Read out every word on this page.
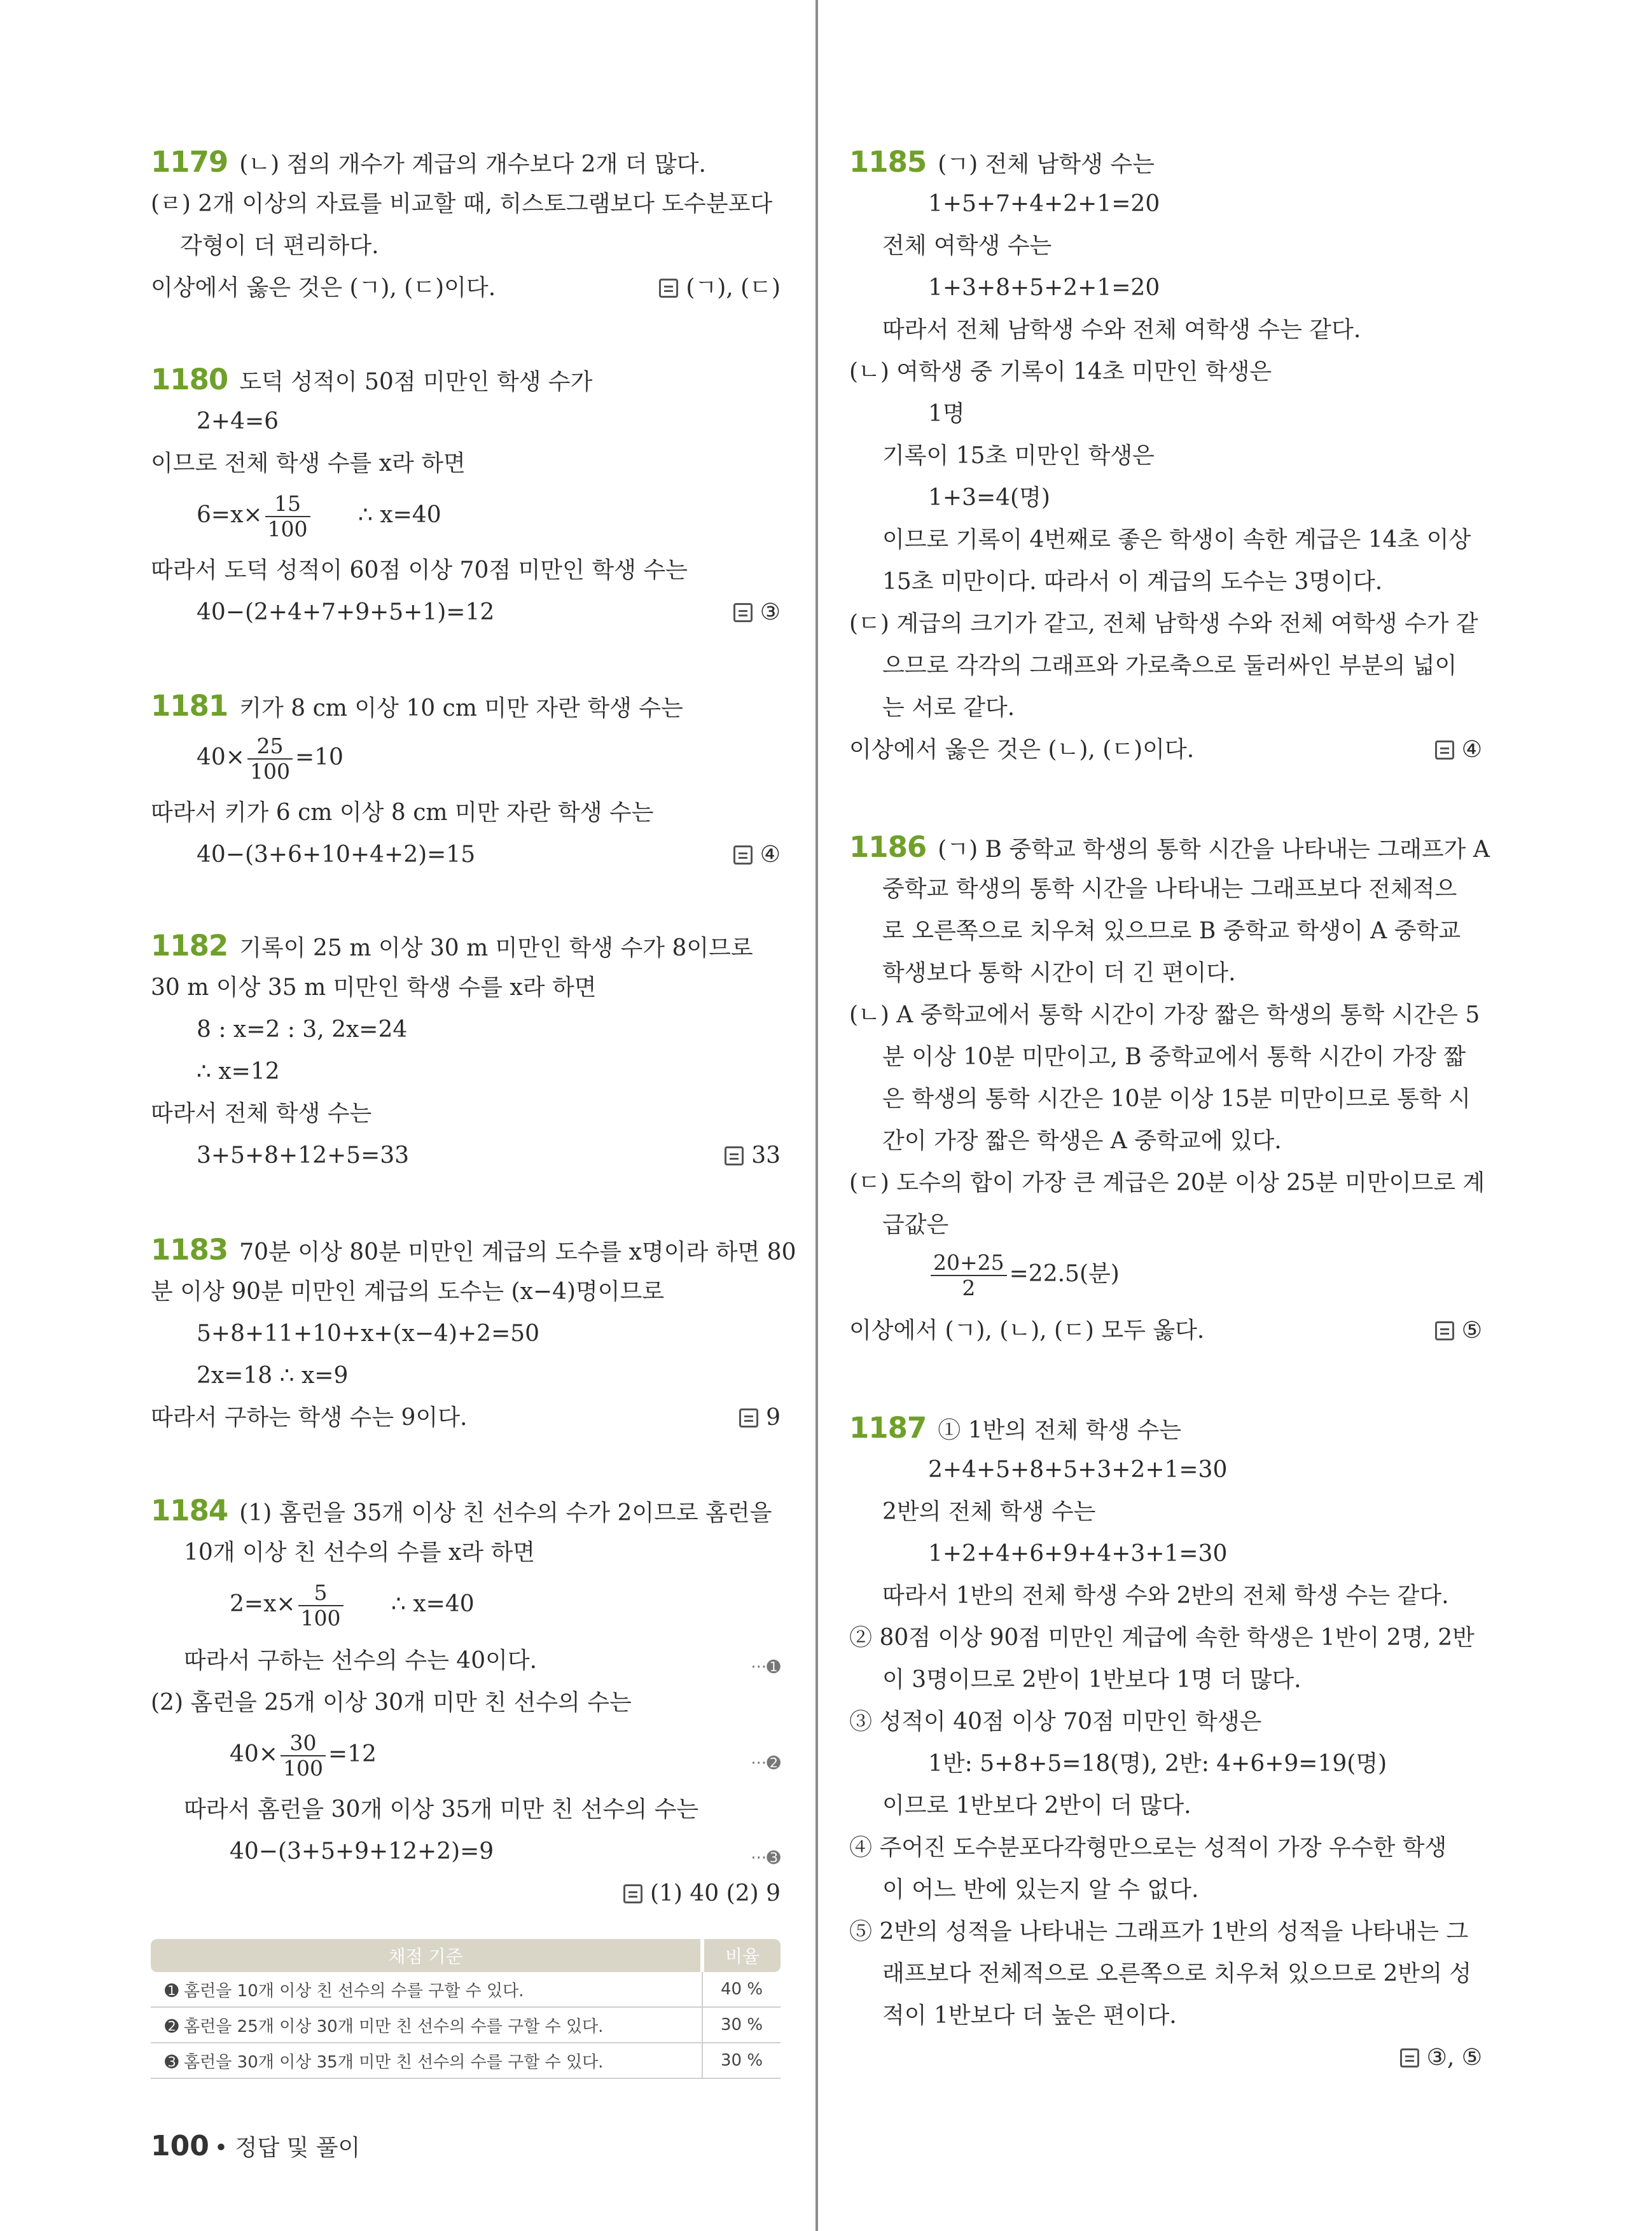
1179 (ㄴ) 점의 개수가 계급의 개수보다 2개 더 많다.
(ㄹ) 2개 이상의 자료를 비교할 때, 히스토그램보다 도수분포다
각형이 더 편리하다.
이상에서 옳은 것은 (ㄱ), (ㄷ)이다.	(ㄱ), (ㄷ)
1180 도덕 성적이 50점 미만인 학생 수가
2+4=6
이므로 전체 학생 수를 x라 하면
$6=x\times \frac{15}{100}$ ∴ x=40
따라서 도덕 성적이 60점 이상 70점 미만인 학생 수는
40−(2+4+7+9+5+1)=12	③
1181 키가 8 cm 이상 10 cm 미만 자란 학생 수는
$40\times \frac{25}{100} =10$
따라서 키가 6 cm 이상 8 cm 미만 자란 학생 수는
40−(3+6+10+4+2)=15	④
1182 기록이 25 m 이상 30 m 미만인 학생 수가 8이므로
30 m 이상 35 m 미만인 학생 수를 x라 하면
8 : x=2 : 3, 2x=24
∴ x=12
따라서 전체 학생 수는
3+5+8+12+5=33	33
1183 70분 이상 80분 미만인 계급의 도수를 x명이라 하면 80
분 이상 90분 미만인 계급의 도수는 (x−4)명이므로
5+8+11+10+x+(x−4)+2=50
2x=18 ∴ x=9
따라서 구하는 학생 수는 9이다.	9
1184 (1) 홈런을 35개 이상 친 선수의 수가 2이므로 홈런을
10개 이상 친 선수의 수를 x라 하면
$2=x\times \frac{5}{100}$ ∴ x=40
따라서 구하는 선수의 수는 40이다.	···➊
(2) 홈런을 25개 이상 30개 미만 친 선수의 수는
$40\times \frac{30}{100} =12$	···➋
따라서 홈런을 30개 이상 35개 미만 친 선수의 수는
40−(3+5+9+12+2)=9	···➌
(1) 40 (2) 9
채점 기준	비율
➊ 홈런을 10개 이상 친 선수의 수를 구할 수 있다.	40 %
➋ 홈런을 25개 이상 30개 미만 친 선수의 수를 구할 수 있다.	30 %
➌ 홈런을 30개 이상 35개 미만 친 선수의 수를 구할 수 있다.	30 %
1185 (ㄱ) 전체 남학생 수는
1+5+7+4+2+1=20
전체 여학생 수는
1+3+8+5+2+1=20
따라서 전체 남학생 수와 전체 여학생 수는 같다.
(ㄴ) 여학생 중 기록이 14초 미만인 학생은
1명
기록이 15초 미만인 학생은
1+3=4(명)
이므로 기록이 4번째로 좋은 학생이 속한 계급은 14초 이상
15초 미만이다. 따라서 이 계급의 도수는 3명이다.
(ㄷ) 계급의 크기가 같고, 전체 남학생 수와 전체 여학생 수가 같
으므로 각각의 그래프와 가로축으로 둘러싸인 부분의 넓이
는 서로 같다.
이상에서 옳은 것은 (ㄴ), (ㄷ)이다.	④
1186 (ㄱ) B 중학교 학생의 통학 시간을 나타내는 그래프가 A
중학교 학생의 통학 시간을 나타내는 그래프보다 전체적으
로 오른쪽으로 치우쳐 있으므로 B 중학교 학생이 A 중학교
학생보다 통학 시간이 더 긴 편이다.
(ㄴ) A 중학교에서 통학 시간이 가장 짧은 학생의 통학 시간은 5
분 이상 10분 미만이고, B 중학교에서 통학 시간이 가장 짧
은 학생의 통학 시간은 10분 이상 15분 미만이므로 통학 시
간이 가장 짧은 학생은 A 중학교에 있다.
(ㄷ) 도수의 합이 가장 큰 계급은 20분 이상 25분 미만이므로 계
급값은
$\frac{20+25}{2} =22.5$(분)
이상에서 (ㄱ), (ㄴ), (ㄷ) 모두 옳다.	⑤
1187 ① 1반의 전체 학생 수는
2+4+5+8+5+3+2+1=30
2반의 전체 학생 수는
1+2+4+6+9+4+3+1=30
따라서 1반의 전체 학생 수와 2반의 전체 학생 수는 같다.
② 80점 이상 90점 미만인 계급에 속한 학생은 1반이 2명, 2반
이 3명이므로 2반이 1반보다 1명 더 많다.
③ 성적이 40점 이상 70점 미만인 학생은
1반: 5+8+5=18(명), 2반: 4+6+9=19(명)
이므로 1반보다 2반이 더 많다.
④ 주어진 도수분포다각형만으로는 성적이 가장 우수한 학생
이 어느 반에 있는지 알 수 없다.
⑤ 2반의 성적을 나타내는 그래프가 1반의 성적을 나타내는 그
래프보다 전체적으로 오른쪽으로 치우쳐 있으므로 2반의 성
적이 1반보다 더 높은 편이다.
③, ⑤
100 • 정답 및 풀이
